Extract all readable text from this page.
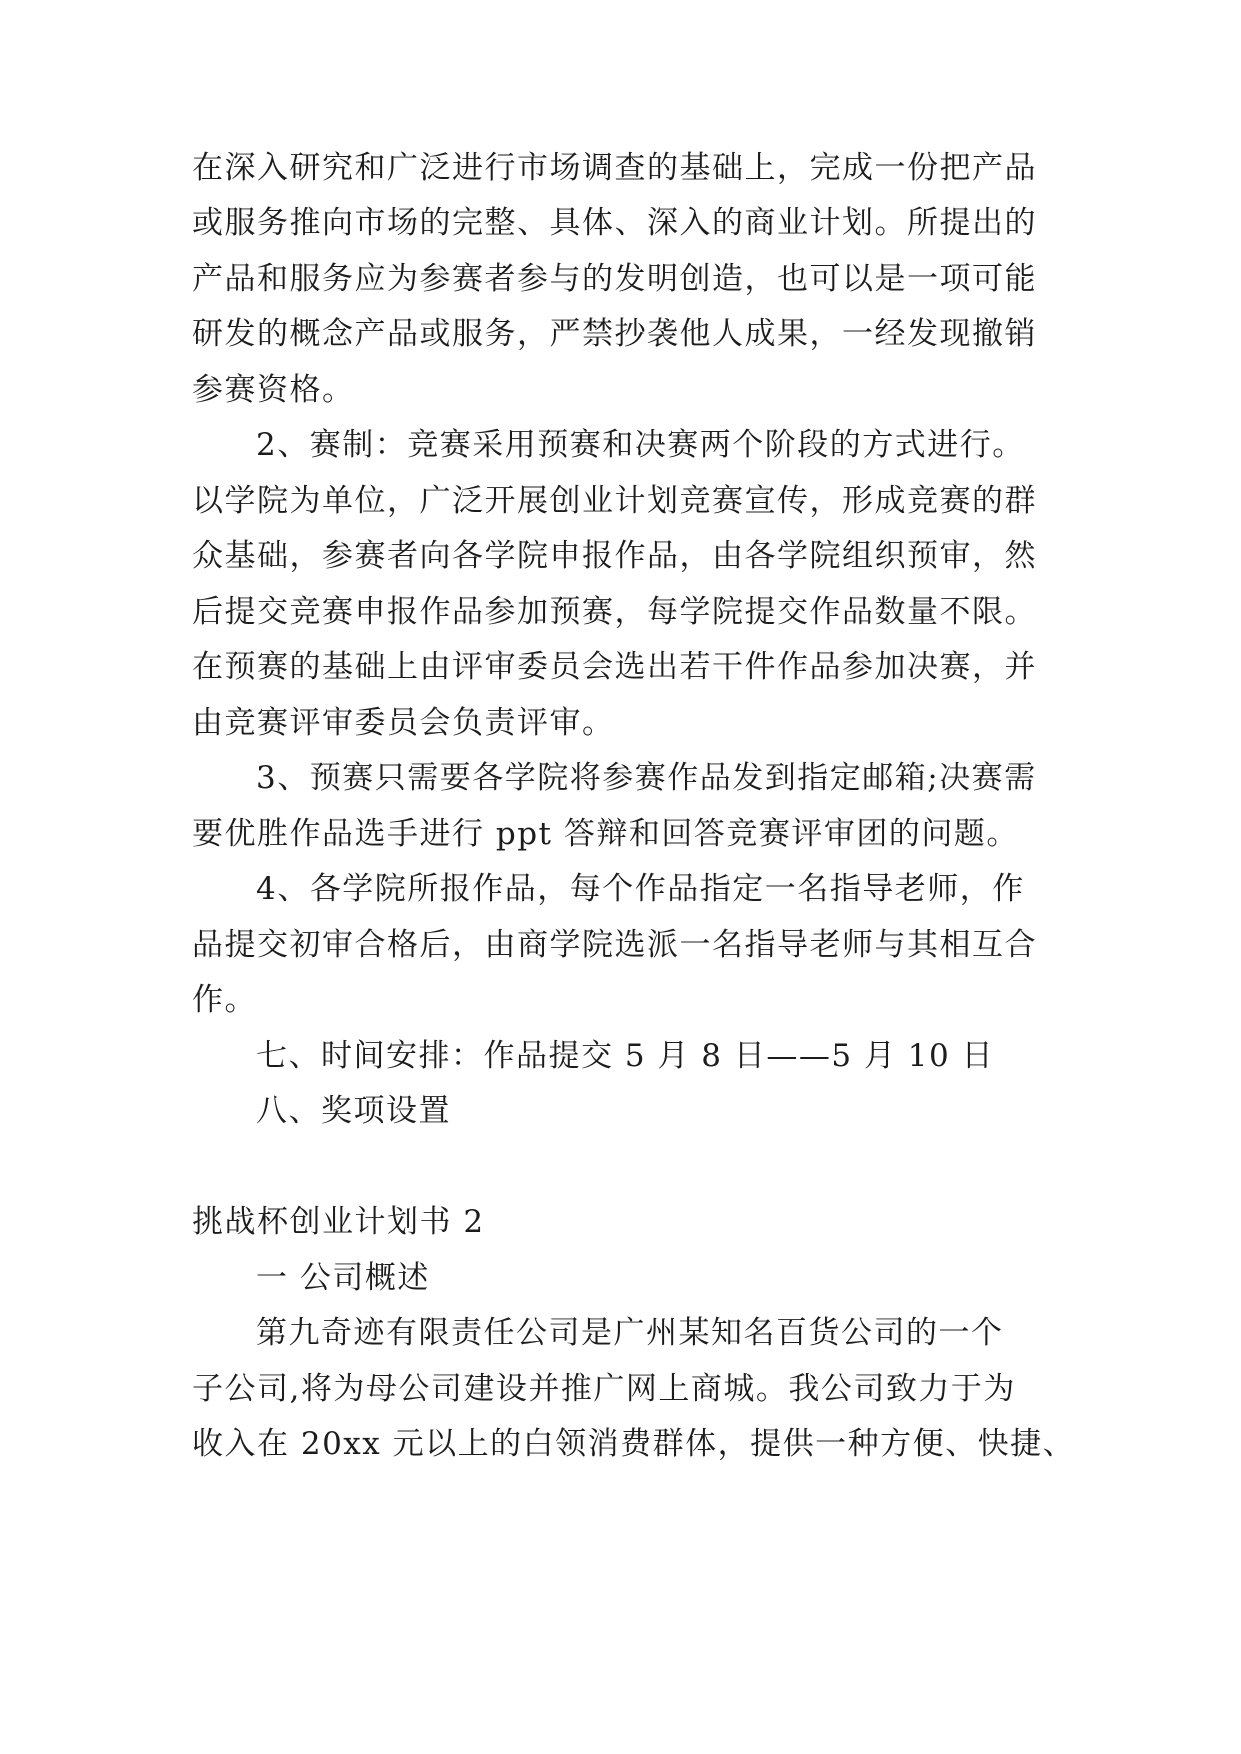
在深入研究和广泛进行市场调查的基础上，完成一份把产品
或服务推向市场的完整、具体、深入的商业计划。所提出的
产品和服务应为参赛者参与的发明创造，也可以是一项可能
研发的概念产品或服务，严禁抄袭他人成果，一经发现撤销
参赛资格。
2、赛制：竞赛采用预赛和决赛两个阶段的方式进行。
以学院为单位，广泛开展创业计划竞赛宣传，形成竞赛的群
众基础，参赛者向各学院申报作品，由各学院组织预审，然
后提交竞赛申报作品参加预赛，每学院提交作品数量不限。
在预赛的基础上由评审委员会选出若干件作品参加决赛，并
由竞赛评审委员会负责评审。
3、预赛只需要各学院将参赛作品发到指定邮箱;决赛需
要优胜作品选手进行 ppt 答辩和回答竞赛评审团的问题。
4、各学院所报作品，每个作品指定一名指导老师，作
品提交初审合格后，由商学院选派一名指导老师与其相互合
作。
七、时间安排：作品提交 5 月 8 日——5 月 10 日
八、奖项设置
挑战杯创业计划书 2
一 公司概述
第九奇迹有限责任公司是广州某知名百货公司的一个
子公司,将为母公司建设并推广网上商城。我公司致力于为
收入在 20xx 元以上的白领消费群体，提供一种方便、快捷、
